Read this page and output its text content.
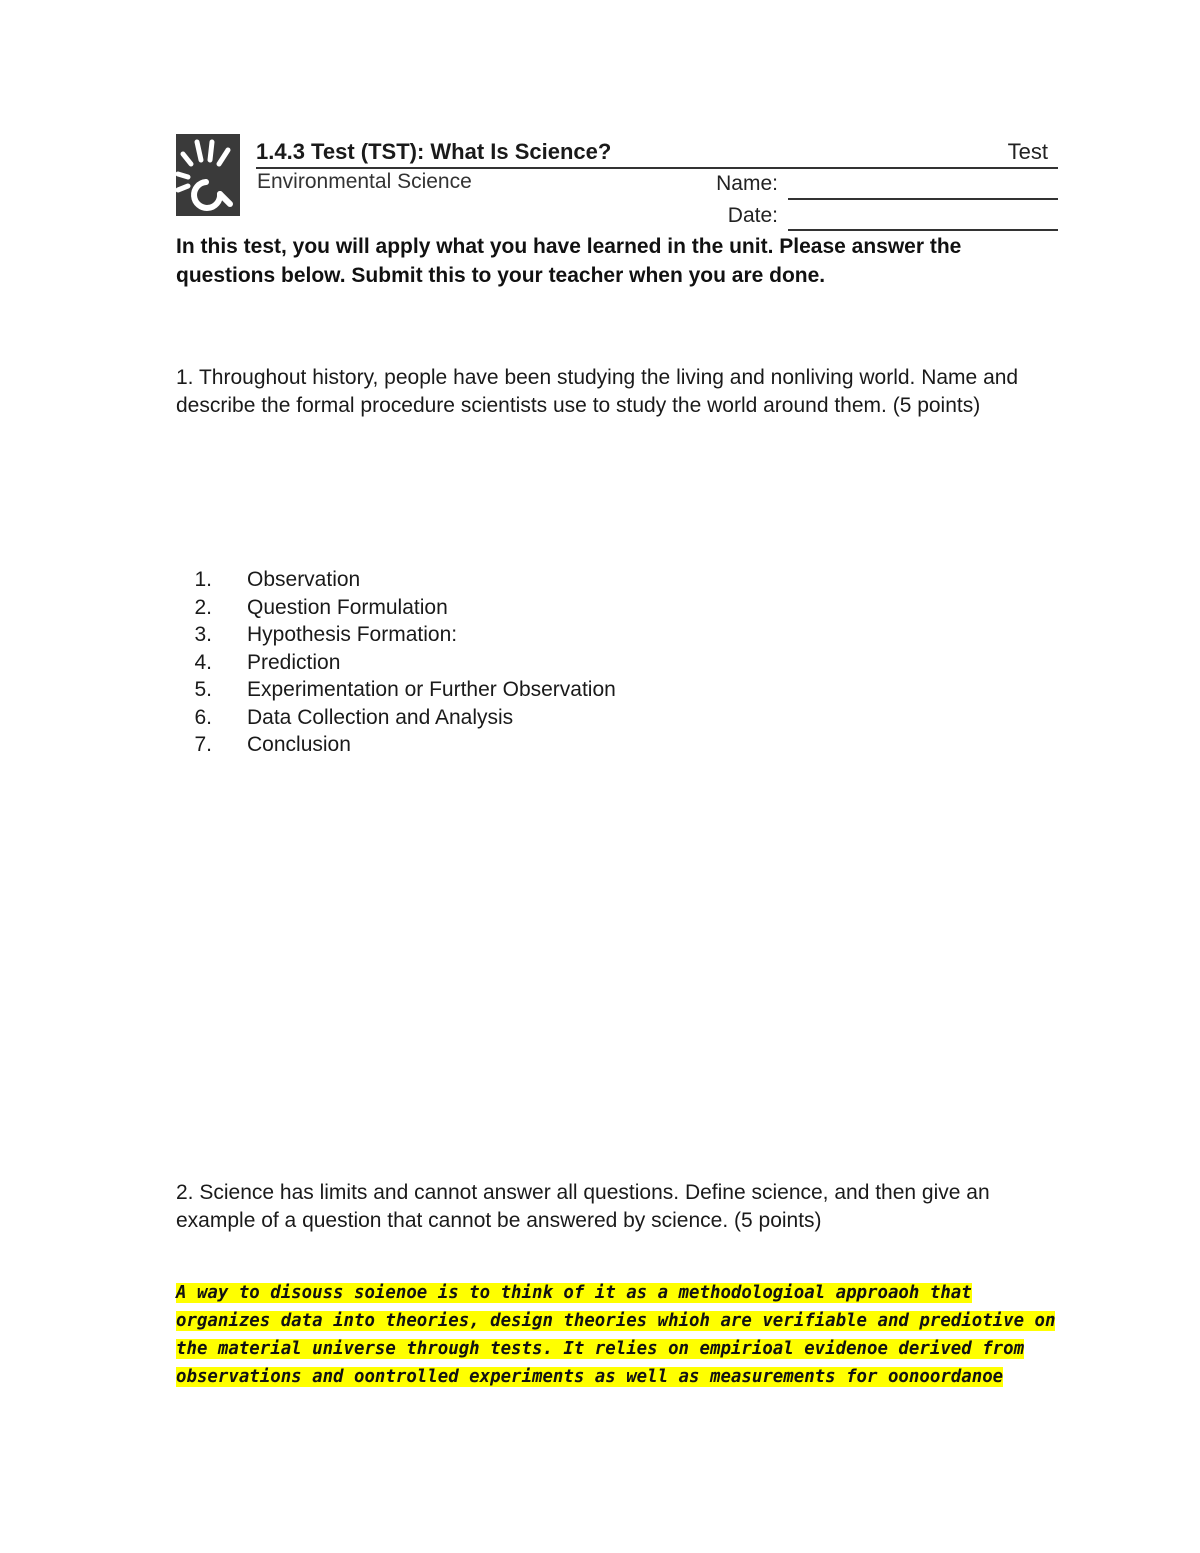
1.4.3 Test (TST): What Is Science?	Test
Environmental Science	Name:
Date:
In this test, you will apply what you have learned in the unit. Please answer the questions below. Submit this to your teacher when you are done.
1. Throughout history, people have been studying the living and nonliving world. Name and describe the formal procedure scientists use to study the world around them. (5 points)
1. Observation
2. Question Formulation
3. Hypothesis Formation:
4. Prediction
5. Experimentation or Further Observation
6. Data Collection and Analysis
7. Conclusion
2. Science has limits and cannot answer all questions. Define science, and then give an example of a question that cannot be answered by science. (5 points)
A way to disouss soienoe is to think of it as a methodologioal approaoh that organizes data into theories, design theories whioh are verifiable and prediotive on the material universe through tests. It relies on empirioal evidenoe derived from observations and oontrolled experiments as well as measurements for oonoordanoe
